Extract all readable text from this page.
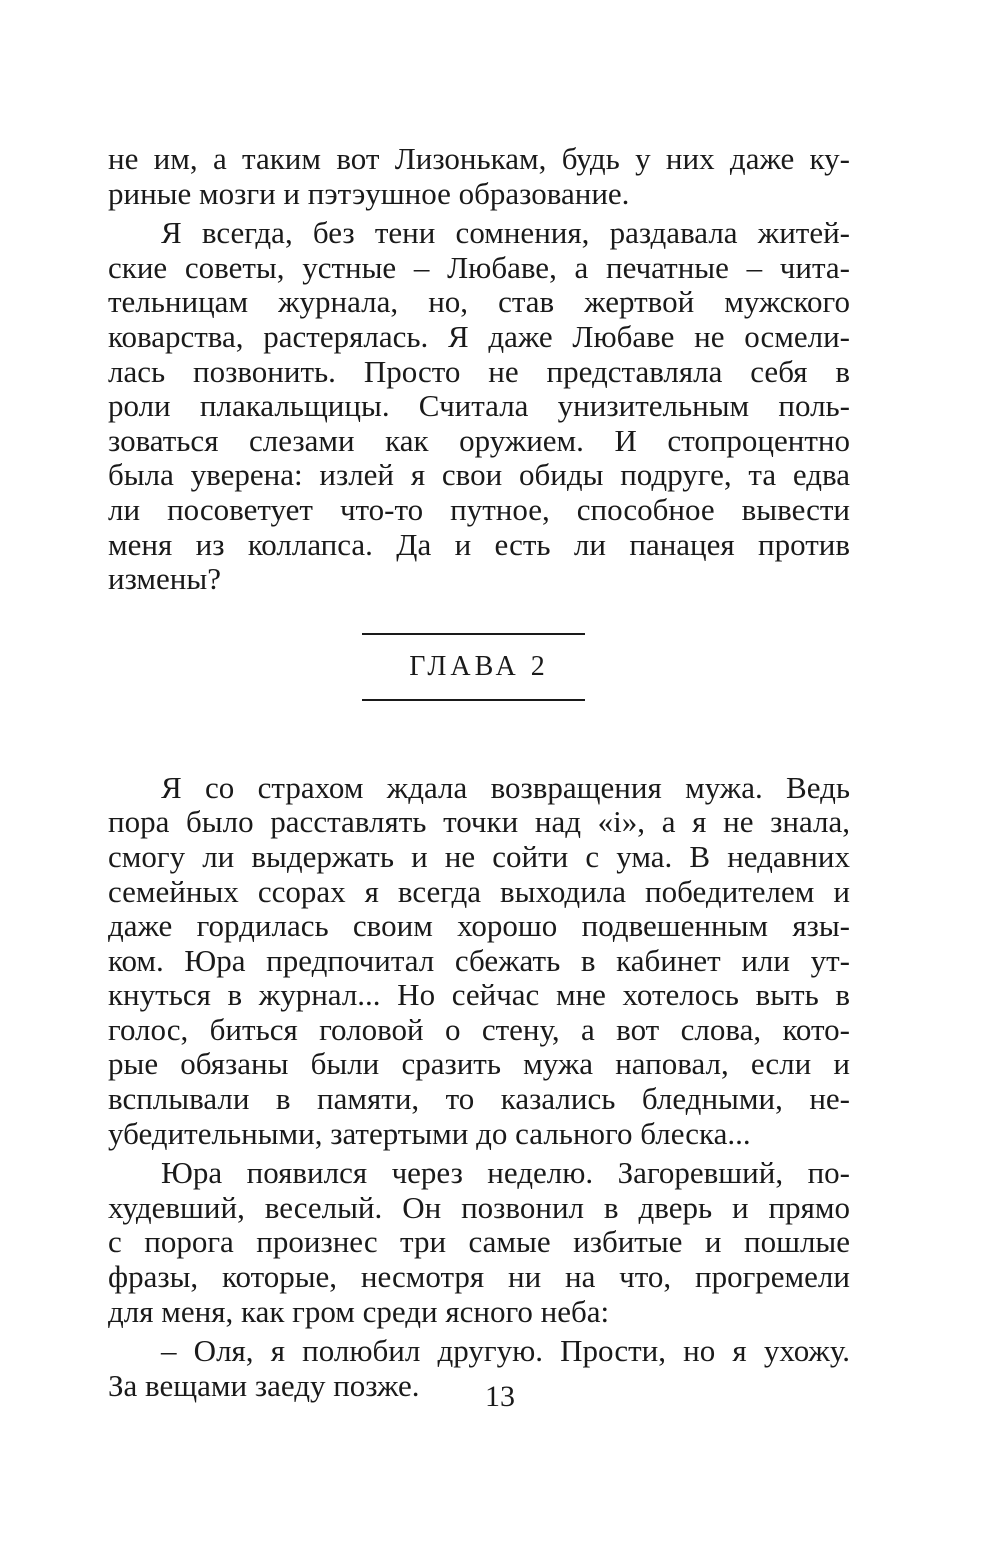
не им, а таким вот Лизонькам, будь у них даже ку-
риные мозги и пэтэушное образование.
Я всегда, без тени сомнения, раздавала житей-
ские советы, устные – Любаве, а печатные – чита-
тельницам журнала, но, став жертвой мужского
коварства, растерялась. Я даже Любаве не осмели-
лась позвонить. Просто не представляла себя в
роли плакальщицы. Считала унизительным поль-
зоваться слезами как оружием. И стопроцентно
была уверена: излей я свои обиды подруге, та едва
ли посоветует что-то путное, способное вывести
меня из коллапса. Да и есть ли панацея против
измены?
ГЛАВА 2
Я со страхом ждала возвращения мужа. Ведь
пора было расставлять точки над «i», а я не знала,
смогу ли выдержать и не сойти с ума. В недавних
семейных ссорах я всегда выходила победителем и
даже гордилась своим хорошо подвешенным язы-
ком. Юра предпочитал сбежать в кабинет или ут-
кнуться в журнал... Но сейчас мне хотелось выть в
голос, биться головой о стену, а вот слова, кото-
рые обязаны были сразить мужа наповал, если и
всплывали в памяти, то казались бледными, не-
убедительными, затертыми до сального блеска...
Юра появился через неделю. Загоревший, по-
худевший, веселый. Он позвонил в дверь и прямо
с порога произнес три самые избитые и пошлые
фразы, которые, несмотря ни на что, прогремели
для меня, как гром среди ясного неба:
– Оля, я полюбил другую. Прости, но я ухожу.
За вещами заеду позже.	13
